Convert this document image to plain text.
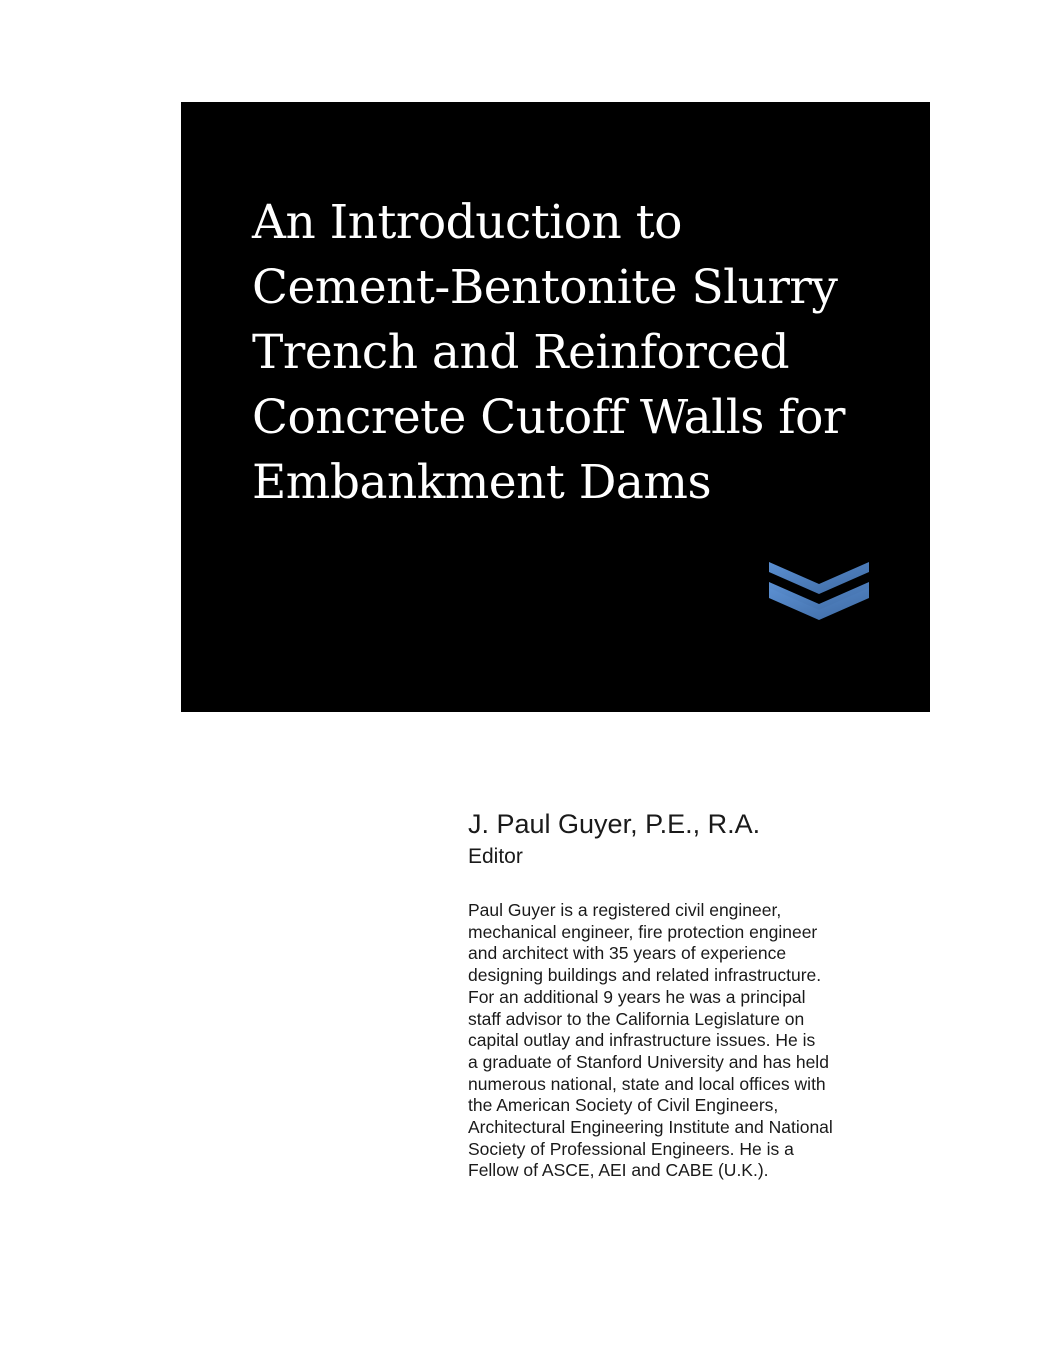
An Introduction to
Cement-Bentonite Slurry
Trench and Reinforced
Concrete Cutoff Walls for
Embankment Dams

J. Paul Guyer, P.E., R.A.

Editor

Paul Guyer is a registered civil engineer,
mechanical engineer, fire protection engineer
and architect with 35 years of experience
designing buildings and related infrastructure.
For an additional 9 years he was a principal
staff advisor to the California Legislature on
capital outlay and infrastructure issues. He is
a graduate of Stanford University and has held
numerous national, state and local offices with
the American Society of Civil Engineers,
Architectural Engineering Institute and National
Society of Professional Engineers. He is a
Fellow of ASCE, AEI and CABE (U.K.).
